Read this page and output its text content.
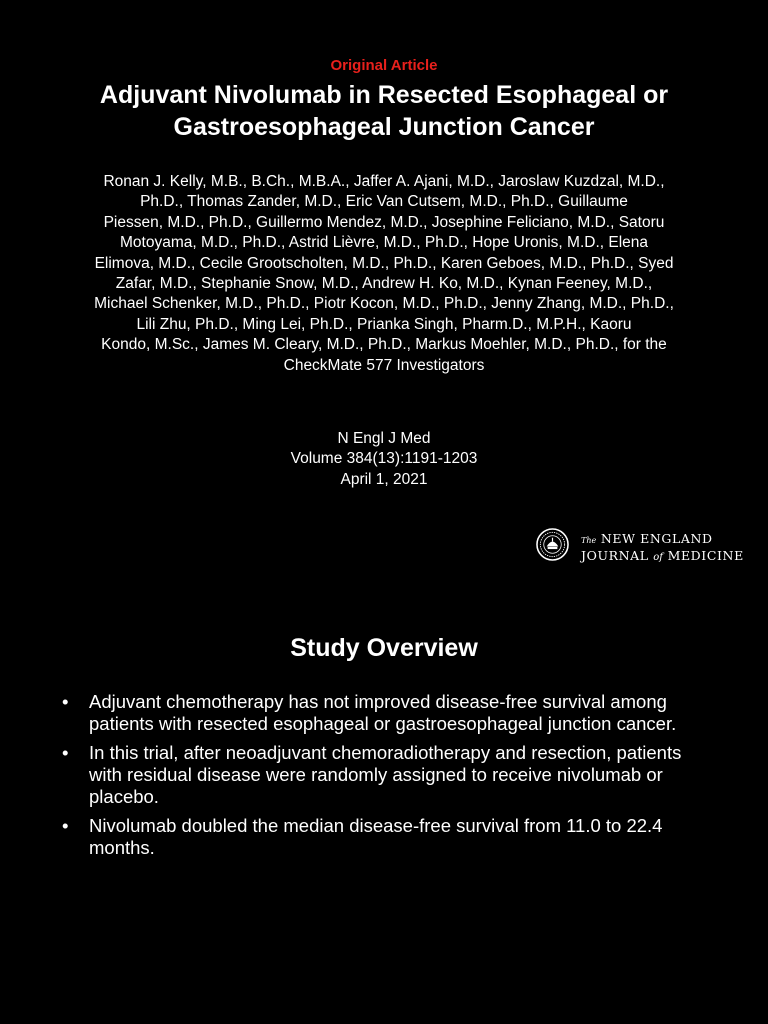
Original Article
Adjuvant Nivolumab in Resected Esophageal or
Gastroesophageal Junction Cancer
Ronan J. Kelly, M.B., B.Ch., M.B.A., Jaffer A. Ajani, M.D., Jaroslaw Kuzdzal, M.D.,
Ph.D., Thomas Zander, M.D., Eric Van Cutsem, M.D., Ph.D., Guillaume
Piessen, M.D., Ph.D., Guillermo Mendez, M.D., Josephine Feliciano, M.D., Satoru
Motoyama, M.D., Ph.D., Astrid Lièvre, M.D., Ph.D., Hope Uronis, M.D., Elena
Elimova, M.D., Cecile Grootscholten, M.D., Ph.D., Karen Geboes, M.D., Ph.D., Syed
Zafar, M.D., Stephanie Snow, M.D., Andrew H. Ko, M.D., Kynan Feeney, M.D.,
Michael Schenker, M.D., Ph.D., Piotr Kocon, M.D., Ph.D., Jenny Zhang, M.D., Ph.D.,
Lili Zhu, Ph.D., Ming Lei, Ph.D., Prianka Singh, Pharm.D., M.P.H., Kaoru
Kondo, M.Sc., James M. Cleary, M.D., Ph.D., Markus Moehler, M.D., Ph.D., for the
CheckMate 577 Investigators
N Engl J Med
Volume 384(13):1191-1203
April 1, 2021
The NEW ENGLAND
JOURNAL of MEDICINE
Study Overview
• Adjuvant chemotherapy has not improved disease-free survival among patients with resected esophageal or gastroesophageal junction cancer.
• In this trial, after neoadjuvant chemoradiotherapy and resection, patients with residual disease were randomly assigned to receive nivolumab or placebo.
• Nivolumab doubled the median disease-free survival from 11.0 to 22.4 months.
